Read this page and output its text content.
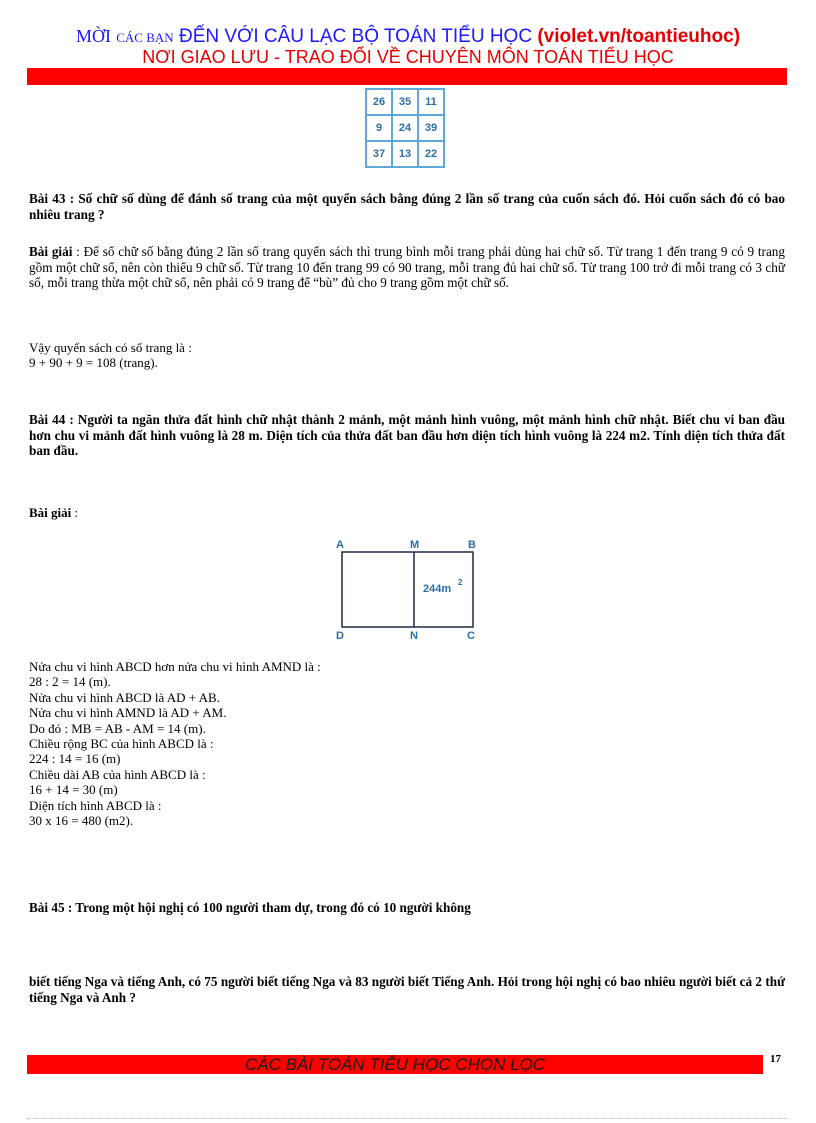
MỜI CÁC BẠN ĐẾN VỚI CÂU LẠC BỘ TOÁN TIỂU HỌC (violet.vn/toantieuhoc)
NƠI GIAO LƯU - TRAO ĐỔI VỀ CHUYÊN MÔN TOÁN TIỂU HỌC
26	35	11
9	24	39
37	13	22
Bài 43 : Số chữ số dùng để đánh số trang của một quyển sách bằng đúng 2 lần số trang của cuốn sách đó. Hỏi cuốn sách đó có bao nhiêu trang ?
Bài giải : Để số chữ số bằng đúng 2 lần số trang quyển sách thì trung bình mỗi trang phải dùng hai chữ số. Từ trang 1 đến trang 9 có 9 trang gồm một chữ số, nên còn thiếu 9 chữ số. Từ trang 10 đến trang 99 có 90 trang, mỗi trang đủ hai chữ số. Từ trang 100 trở đi mỗi trang có 3 chữ số, mỗi trang thừa một chữ số, nên phải có 9 trang để “bù” đủ cho 9 trang gồm một chữ số.
Vậy quyển sách có số trang là :
9 + 90 + 9 = 108 (trang).
Bài 44 : Người ta ngăn thửa đất hình chữ nhật thành 2 mảnh, một mảnh hình vuông, một mảnh hình chữ nhật. Biết chu vi ban đầu hơn chu vi mảnh đất hình vuông là 28 m. Diện tích của thửa đất ban đầu hơn diện tích hình vuông là 224 m2. Tính diện tích thửa đất ban đầu.
Bài giải :
A	M	B
D	N	C
244m
2
Nửa chu vi hình ABCD hơn nửa chu vi hình AMND là :
28 : 2 = 14 (m).
Nửa chu vi hình ABCD là AD + AB.
Nửa chu vi hình AMND là AD + AM.
Do đó : MB = AB - AM = 14 (m).
Chiều rộng BC của hình ABCD là :
224 : 14 = 16 (m)
Chiều dài AB của hình ABCD là :
16 + 14 = 30 (m)
Diện tích hình ABCD là :
30 x 16 = 480 (m2).
Bài 45 : Trong một hội nghị có 100 người tham dự, trong đó có 10 người không
biết tiếng Nga và tiếng Anh, có 75 người biết tiếng Nga và 83 người biết Tiếng Anh. Hỏi trong hội nghị có bao nhiêu người biết cả 2 thứ tiếng Nga và Anh ?
CÁC BÀI TOÁN TIỂU HỌC CHỌN LỌC	17
